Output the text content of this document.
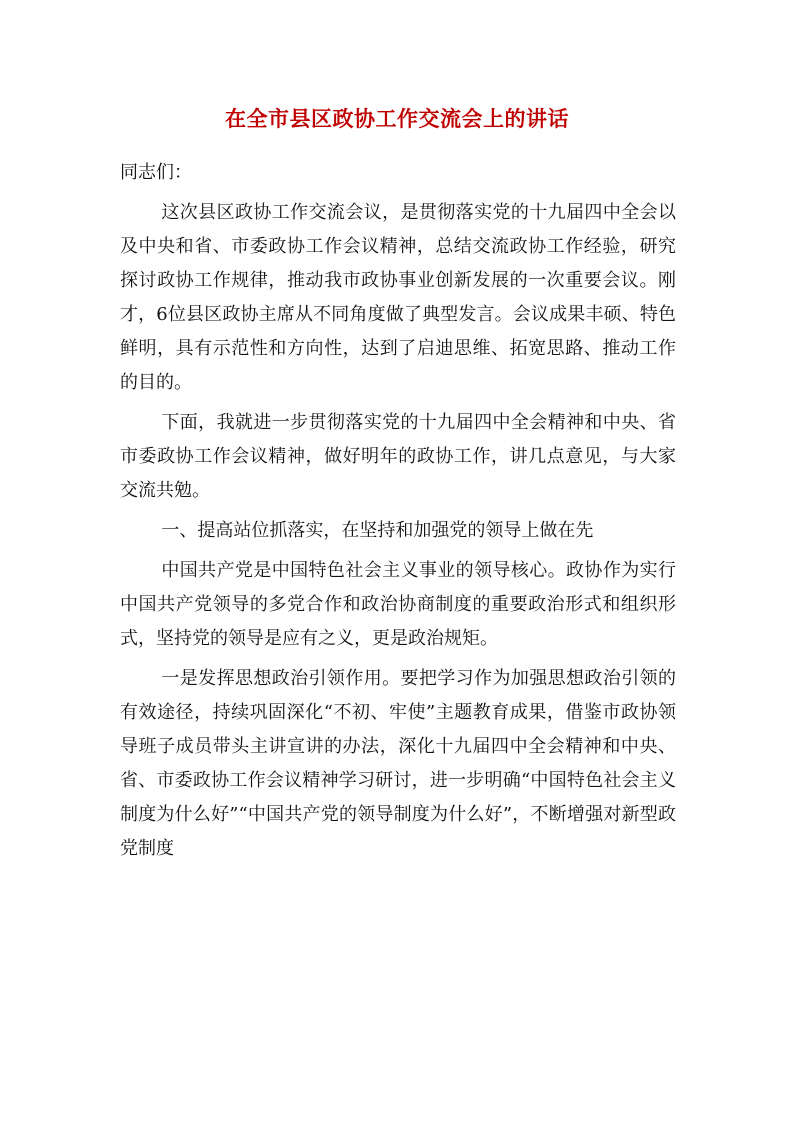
在全市县区政协工作交流会上的讲话

同志们：

这次县区政协工作交流会议，是贯彻落实党的十九届四中全会以及中央和省、市委政协工作会议精神，总结交流政协工作经验，研究探讨政协工作规律，推动我市政协事业创新发展的一次重要会议。刚才，6位县区政协主席从不同角度做了典型发言。会议成果丰硕、特色鲜明，具有示范性和方向性，达到了启迪思维、拓宽思路、推动工作的目的。

下面，我就进一步贯彻落实党的十九届四中全会精神和中央、省市委政协工作会议精神，做好明年的政协工作，讲几点意见，与大家交流共勉。

一、提高站位抓落实，在坚持和加强党的领导上做在先

中国共产党是中国特色社会主义事业的领导核心。政协作为实行中国共产党领导的多党合作和政治协商制度的重要政治形式和组织形式，坚持党的领导是应有之义，更是政治规矩。

一是发挥思想政治引领作用。要把学习作为加强思想政治引领的有效途径，持续巩固深化“不初、牢使”主题教育成果，借鉴市政协领导班子成员带头主讲宣讲的办法，深化十九届四中全会精神和中央、省、市委政协工作会议精神学习研讨，进一步明确“中国特色社会主义制度为什么好”“中国共产党的领导制度为什么好”，不断增强对新型政党制度
